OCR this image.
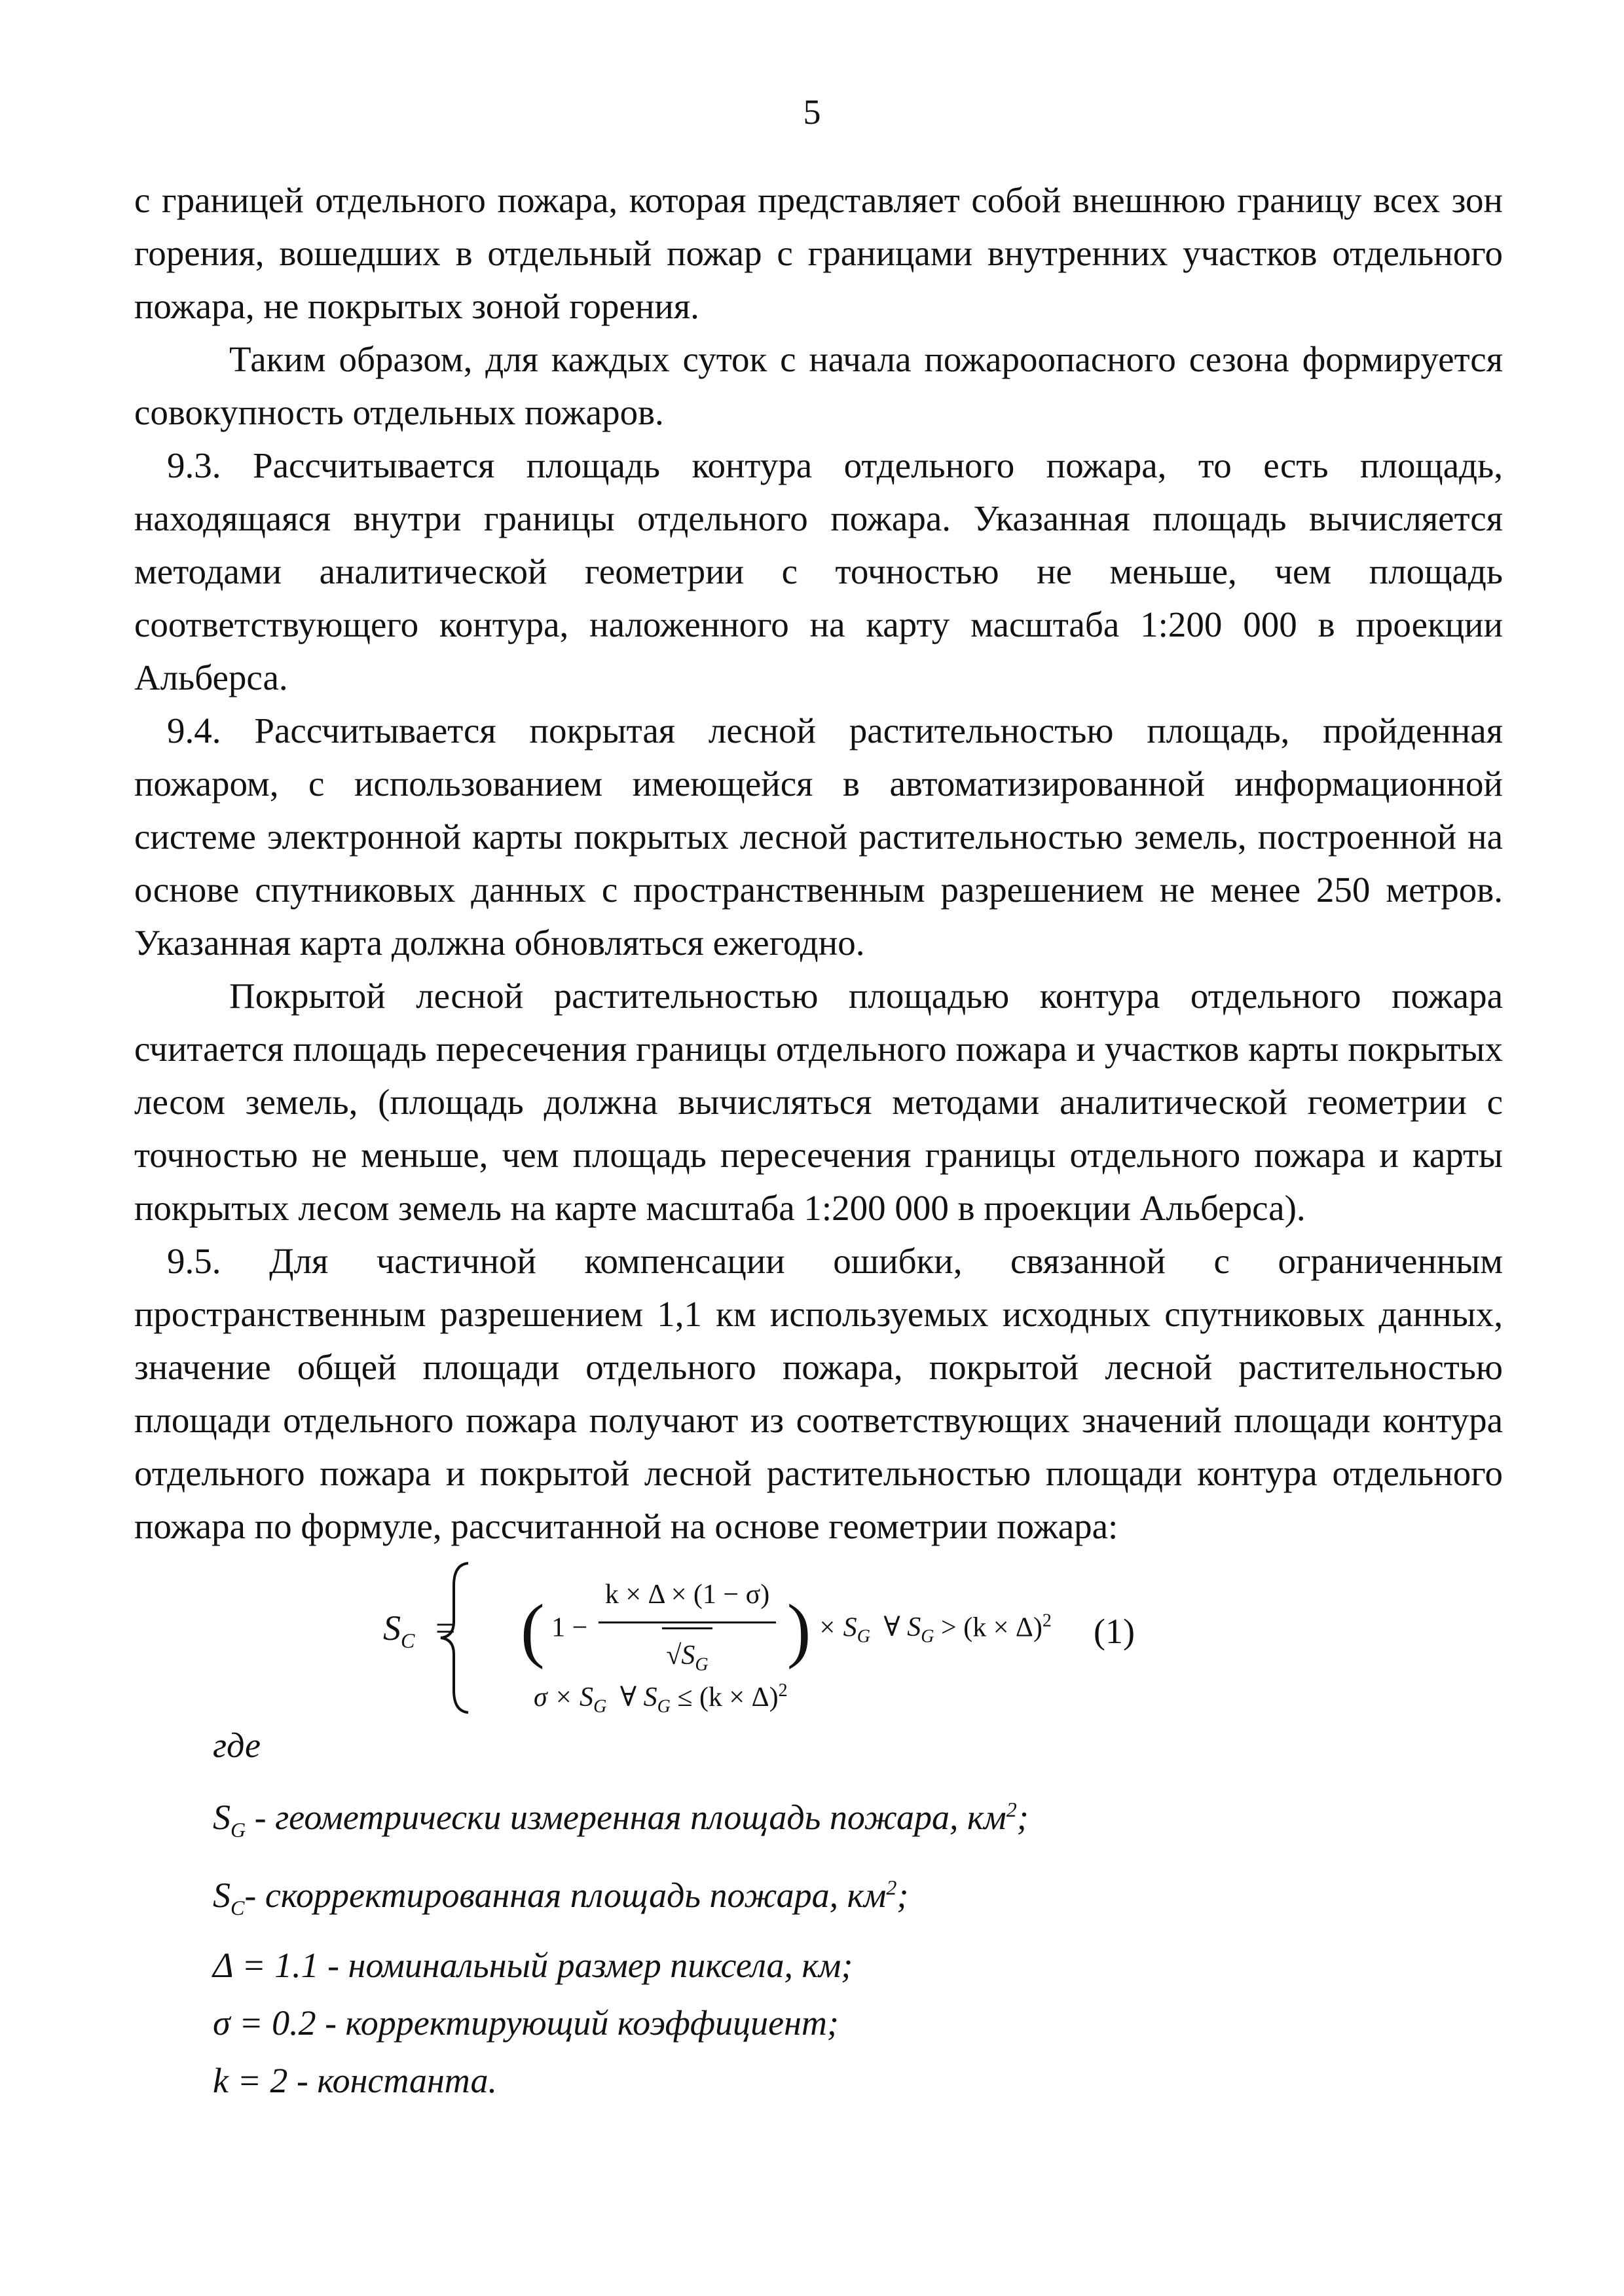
5

с границей отдельного пожара, которая представляет собой внешнюю границу всех зон горения, вошедших в отдельный пожар с границами внутренних участков отдельного пожара, не покрытых зоной горения.

Таким образом, для каждых суток с начала пожароопасного сезона формируется совокупность отдельных пожаров.

9.3. Рассчитывается площадь контура отдельного пожара, то есть площадь, находящаяся внутри границы отдельного пожара. Указанная площадь вычисляется методами аналитической геометрии с точностью не меньше, чем площадь соответствующего контура, наложенного на карту масштаба 1:200 000 в проекции Альберса.

9.4. Рассчитывается покрытая лесной растительностью площадь, пройденная пожаром, с использованием имеющейся в автоматизированной информационной системе электронной карты покрытых лесной растительностью земель, построенной на основе спутниковых данных с пространственным разрешением не менее 250 метров. Указанная карта должна обновляться ежегодно.

Покрытой лесной растительностью площадью контура отдельного пожара считается площадь пересечения границы отдельного пожара и участков карты покрытых лесом земель, (площадь должна вычисляться методами аналитической геометрии с точностью не меньше, чем площадь пересечения границы отдельного пожара и карты покрытых лесом земель на карте масштаба 1:200 000 в проекции Альберса).

9.5. Для частичной компенсации ошибки, связанной с ограниченным пространственным разрешением 1,1 км используемых исходных спутниковых данных, значение общей площади отдельного пожара, покрытой лесной растительностью площади отдельного пожара получают из соответствующих значений площади контура отдельного пожара и покрытой лесной растительностью площади контура отдельного пожара по формуле, рассчитанной на основе геометрии пожара:

$S_C$ = ( $1 - \frac{k \times \Delta \times (1 - \sigma)}{√S_G}$ ) × $S_G$ ∀ $S_G > (k \times \Delta)^2$
$\sigma \times S_G$ ∀ $S_G \le (k \times \Delta)^2$
(1)
где
$S_G$ - геометрически измеренная площадь пожара, $км^2$;
$S_C-$ скорректированная площадь пожара, $км^2$;
Δ = 1.1 - номинальный размер пиксела, км;
σ = 0.2 - корректирующий коэффициент;
k = 2 - константа.
